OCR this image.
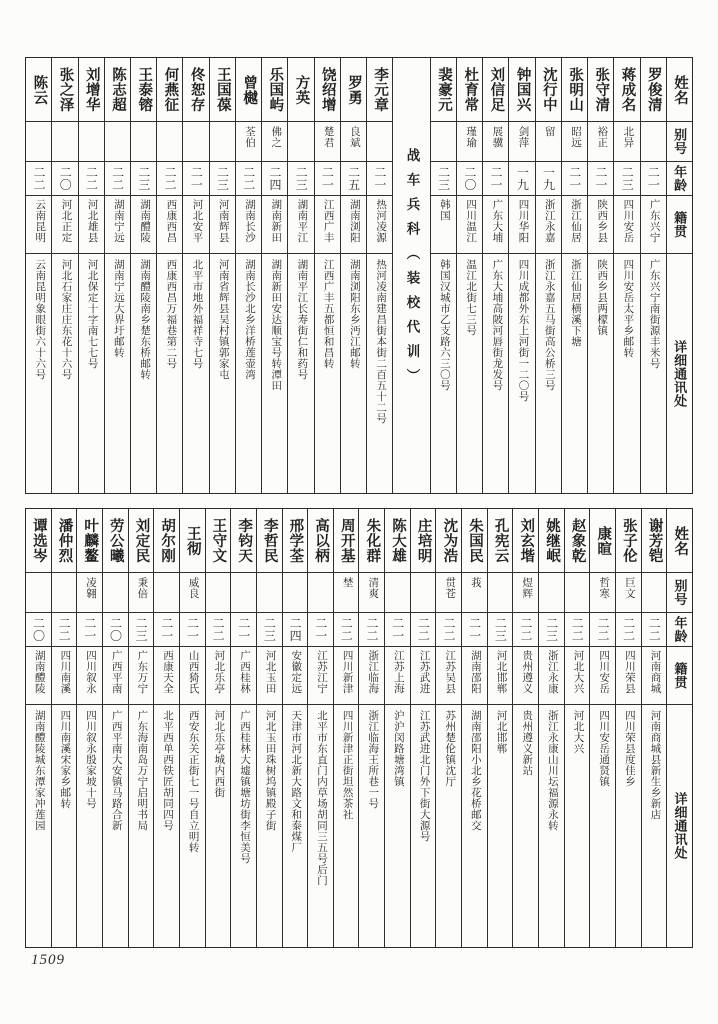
姓名
别号
年龄
籍贯
详细通讯处
罗俊清
二一
广东兴宁
广东兴宁南街源丰米号
蒋成名
北异
二三
四川安岳
四川安岳太平乡邮转
张守清
裕正
二一
陕西乡县
陕西乡县两檬镇
张明山
昭远
二一
浙江仙居
浙江仙居横溪下塘
沈行中
留
一九
浙江永嘉
浙江永嘉五马街高公桥三号
钟国兴
剑萍
一九
四川华阳
四川成都外东上河街一二〇号
刘信足
展骥
二一
广东大埔
广东大埔高陂河唇街龙发号
杜育常
瑾瑜
二〇
四川温江
温江北街七三号
裴豪元
二三
韩国
韩国汉城市乙支路六三〇号
战车兵科︵装校代训︶
李元章
二一
热河凌源
热河凌南建昌街本街二百五十二号
罗勇
良斌
二五
湖南浏阳
湖南浏阳东乡沔江邮转
饶绍增
楚君
二一
江西广丰
江西广丰五都恒和昌转
方英
二三
湖南平江
湖南平江长寿街仁和药号
乐国屿
佛之
二四
湖南新田
湖南新田安达顺宝号转潭田
曾樾
荃伯
二二
湖南长沙
湖南长沙北乡洋桥莲壶湾
王国葆
二三
河南辉县
河南省辉县吴村镇郭家屯
佟恕存
二一
河北安平
北平市地外福祥寺七号
何燕征
二二
西康西昌
西康西昌万福巷第二号
王泰镕
二三
湖南醴陵
湖南醴陵南乡楚东桥邮转
陈志超
二二
湖南宁远
湖南宁远大界圩邮转
刘增华
二二
河北雄县
河北保定十字南七七号
张之泽
二〇
河北正定
河北石家庄庄东花十六号
陈云
二二
云南昆明
云南昆明象眼街六十六号
姓名
别号
年龄
籍贯
详细通讯处
谢芳铠
二二
河南商城
河南商城县新生乡新店
张子伦
巨文
二二
四川荣县
四川荣县度佳乡
康暄
哲寒
二二
四川安岳
四川安岳通贤镇
赵象乾
二二
河北大兴
河北大兴
姚继岷
二三
浙江永康
浙江永康山川坛福源永转
刘玄堦
煜辉
二二
贵州遵义
贵州遵义新站
孔宪云
二三
河北邯郸
河北邯郸
朱国民
莪
二一
湖南邵阳
湖南邵阳小北乡花桥邮交
沈为浩
贯苍
二二
江苏吴县
苏州楚伦镇沈厅
庄培明
二二
江苏武进
江苏武进北门外下街大源号
陈大雄
二一
江苏上海
沪沪闵路塘湾镇
朱化群
清爽
二二
浙江临海
浙江临海王所巷一号
周开基
埜
二二
四川新津
四川新津正街坦然茶社
高以柄
二一
江苏江宁
北平市东直门内草场胡同三五号后门
邢学荃
二四
安徽定远
天津市河北新大路文和泰煤厂
李哲民
二三
河北玉田
河北玉田珠树坞镇殿子街
李钧天
二一
广西桂林
广西桂林大墟镇塘坊街李恒美号
王守文
二二
河北乐亭
河北乐亭城内西街
王彻
威良
二一
山西猗氏
西安东关正街七一号自立明转
胡尔刚
二一
西康天全
北平西单西铁匠胡同四号
刘定民
秉倍
二三
广东万宁
广东海南岛万宁启明书局
劳公曦
二〇
广西平南
广西平南大安镇马路合新
叶麟鳌
凌翱
二一
四川叙永
四川叙永殷家坡十号
潘仲烈
二二
四川南溪
四川南溪宋家乡邮转
谭选岑
二〇
湖南醴陵
湖南醴陵城东潭家冲莲园
1509
